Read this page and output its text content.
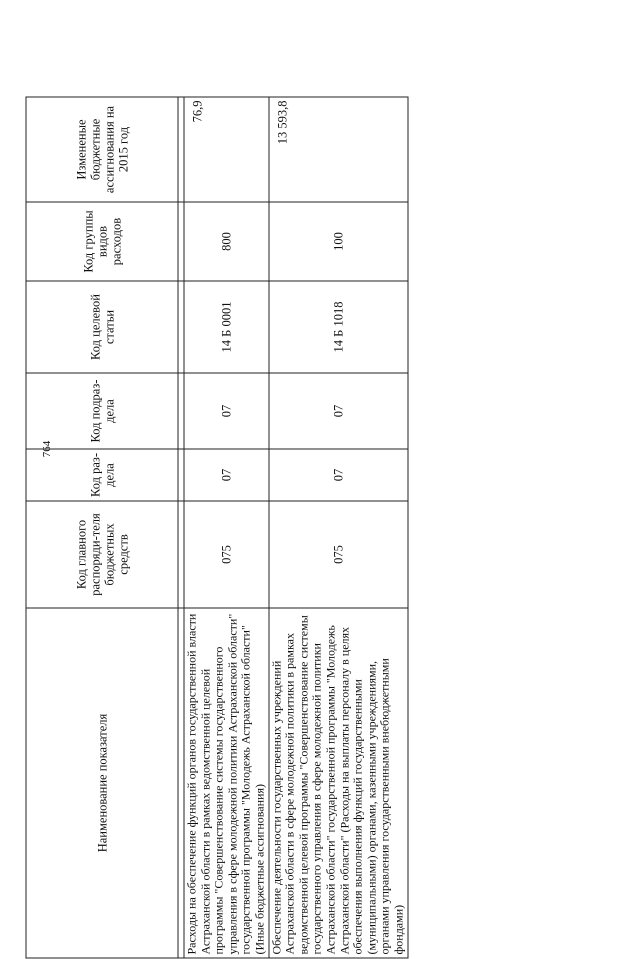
764
Наименование показателя	Код главного распоряди-теля бюджетных средств	Код раз-дела	Код подраз-дела	Код целевой статьи	Код группы видов расходов	Измененые бюджетные ассигнования на 2015 год

Расходы на обеспечение функций органов государственной власти Астраханской области в рамках ведомственной целевой программы "Совершенствование системы государственного управления в сфере молодежной политики Астраханской области" государственной программы "Молодежь Астраханской области" (Иные бюджетные ассигнования)	075	07	07	14 Б 0001	800	76,9
Обеспечение деятельности государственных учреждений Астраханской области в сфере молодежной политики в рамках ведомственной целевой программы "Совершенствование системы государственного управления в сфере молодежной политики Астраханской области" государственной программы "Молодежь Астраханской области" (Расходы на выплаты персоналу в целях обеспечения выполнения функций государственными (муниципальными) органами, казенными учреждениями, органами управления государственными внебюджетными фондами)	075	07	07	14 Б 1018	100	13 593,8
